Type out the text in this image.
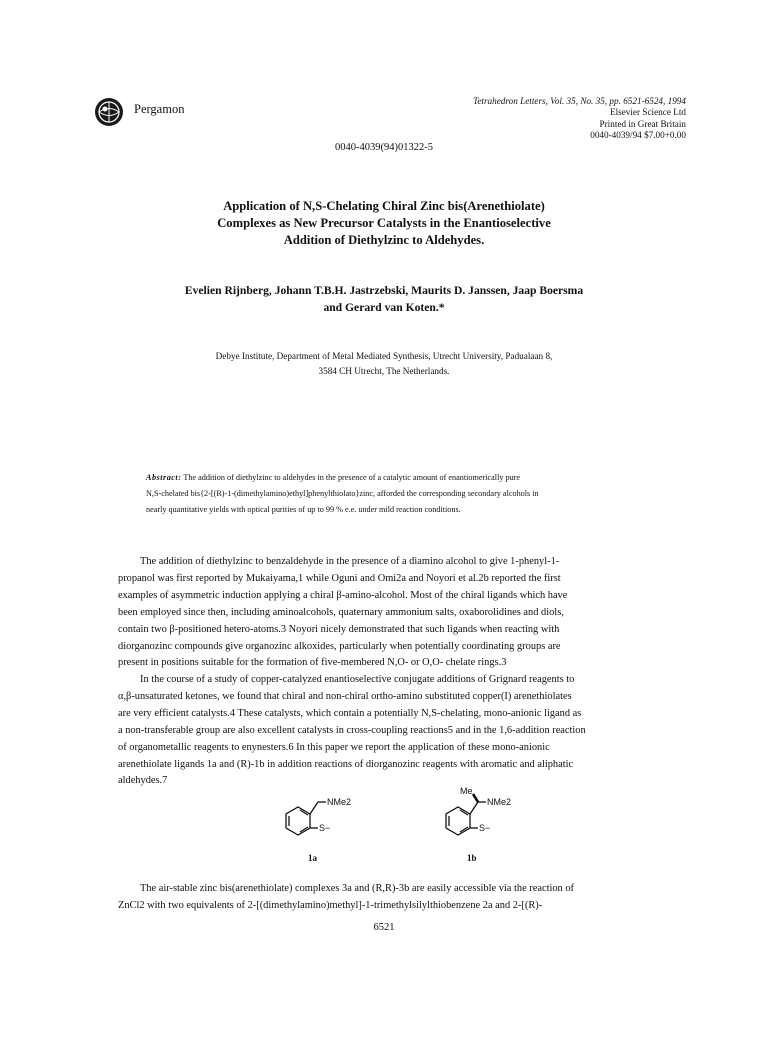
Pergamon
Tetrahedron Letters, Vol. 35, No. 35, pp. 6521-6524, 1994
Elsevier Science Ltd
Printed in Great Britain
0040-4039/94 $7.00+0.00
0040-4039(94)01322-5
Application of N,S-Chelating Chiral Zinc bis(Arenethiolate)
Complexes as New Precursor Catalysts in the Enantioselective
Addition of Diethylzinc to Aldehydes.
Evelien Rijnberg, Johann T.B.H. Jastrzebski, Maurits D. Janssen, Jaap Boersma
and Gerard van Koten.*
Debye Institute, Department of Metal Mediated Synthesis, Utrecht University, Padualaan 8,
3584 CH Utrecht, The Netherlands.
Abstract: The addition of diethylzinc to aldehydes in the presence of a catalytic amount of enantiomerically pure
N,S-chelated bis{2-[(R)-1-(dimethylamino)ethyl]phenylthiolato}zinc, afforded the corresponding secondary alcohols in
nearly quantitative yields with optical purities of up to 99 % e.e. under mild reaction conditions.
The addition of diethylzinc to benzaldehyde in the presence of a diamino alcohol to give 1-phenyl-1-
propanol was first reported by Mukaiyama,1 while Oguni and Omi2a and Noyori et al.2b reported the first
examples of asymmetric induction applying a chiral β-amino-alcohol. Most of the chiral ligands which have
been employed since then, including aminoalcohols, quaternary ammonium salts, oxaborolidines and diols,
contain two β-positioned hetero-atoms.3 Noyori nicely demonstrated that such ligands when reacting with
diorganozinc compounds give organozinc alkoxides, particularly when potentially coordinating groups are
present in positions suitable for the formation of five-membered N,O- or O,O- chelate rings.3
In the course of a study of copper-catalyzed enantioselective conjugate additions of Grignard reagents to
α,β-unsaturated ketones, we found that chiral and non-chiral ortho-amino substituted copper(I) arenethiolates
are very efficient catalysts.4 These catalysts, which contain a potentially N,S-chelating, mono-anionic ligand as
a non-transferable group are also excellent catalysts in cross-coupling reactions5 and in the 1,6-addition reaction
of organometallic reagents to enynesters.6 In this paper we report the application of these mono-anionic
arenethiolate ligands 1a and (R)-1b in addition reactions of diorganozinc reagents with aromatic and aliphatic
aldehydes.7
NMe2
S−
1a
Me
NMe2
S−
1b
The air-stable zinc bis(arenethiolate) complexes 3a and (R,R)-3b are easily accessible via the reaction of
ZnCl2 with two equivalents of 2-[(dimethylamino)methyl]-1-trimethylsilylthiobenzene 2a and 2-[(R)-
6521
